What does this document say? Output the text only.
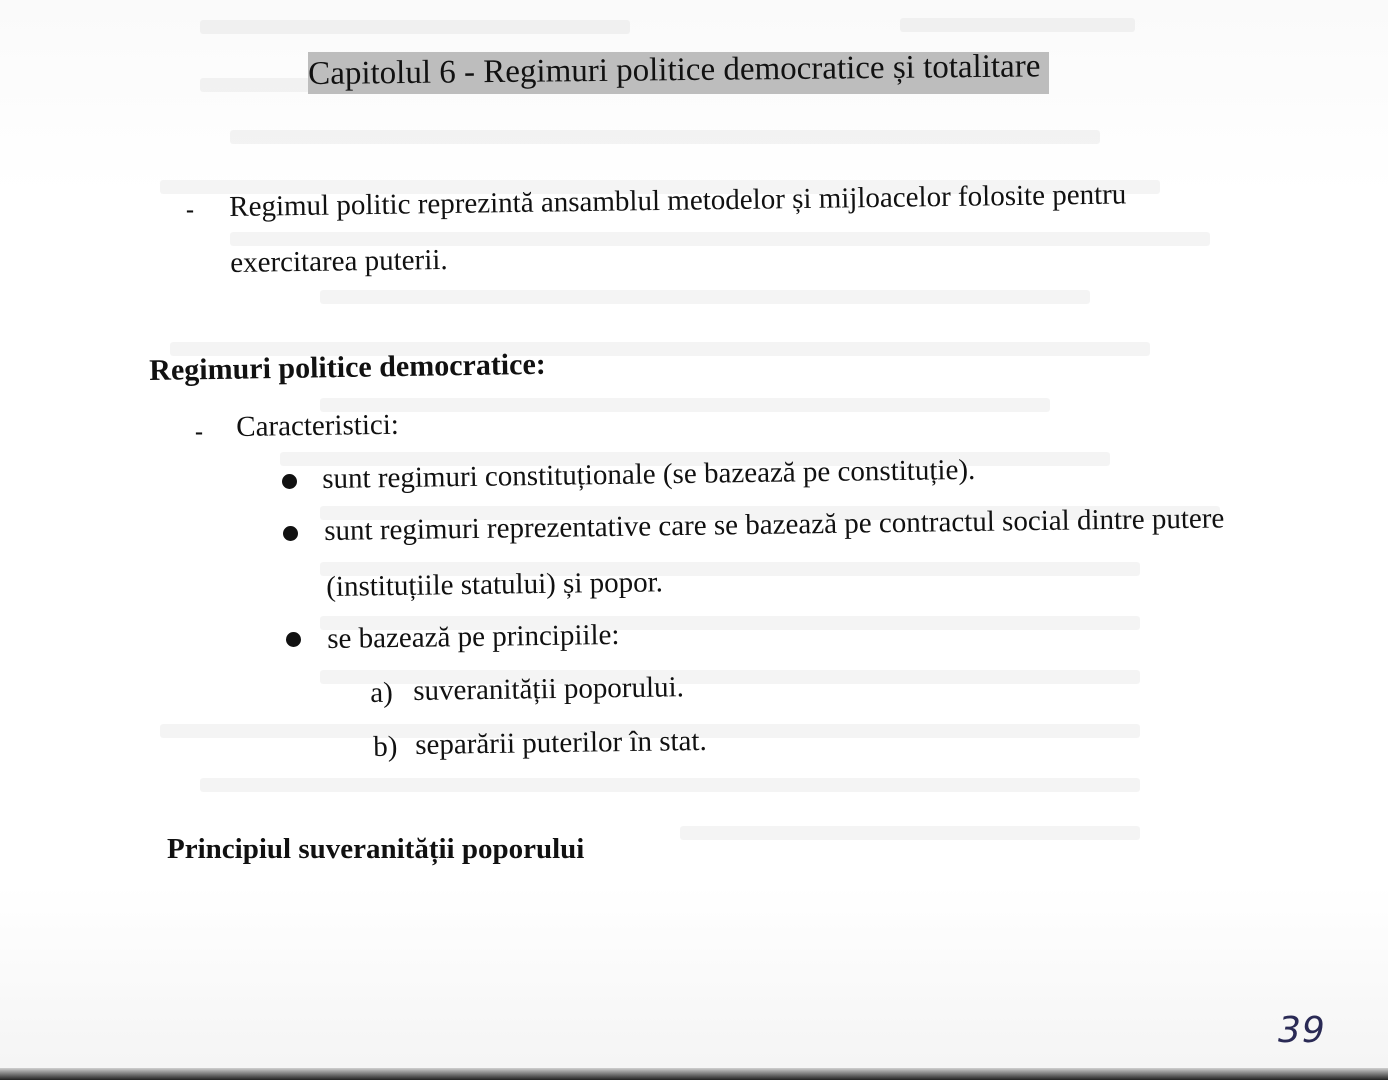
Capitolul 6 - Regimuri politice democratice și totalitare
- Regimul politic reprezintă ansamblul metodelor și mijloacelor folosite pentru
exercitarea puterii.
Regimuri politice democratice:
- Caracteristici:
sunt regimuri constituționale (se bazează pe constituție).
sunt regimuri reprezentative care se bazează pe contractul social dintre putere
(instituțiile statului) și popor.
se bazează pe principiile:
a) suveranității poporului.
b) separării puterilor în stat.
Principiul suveranității poporului
39
